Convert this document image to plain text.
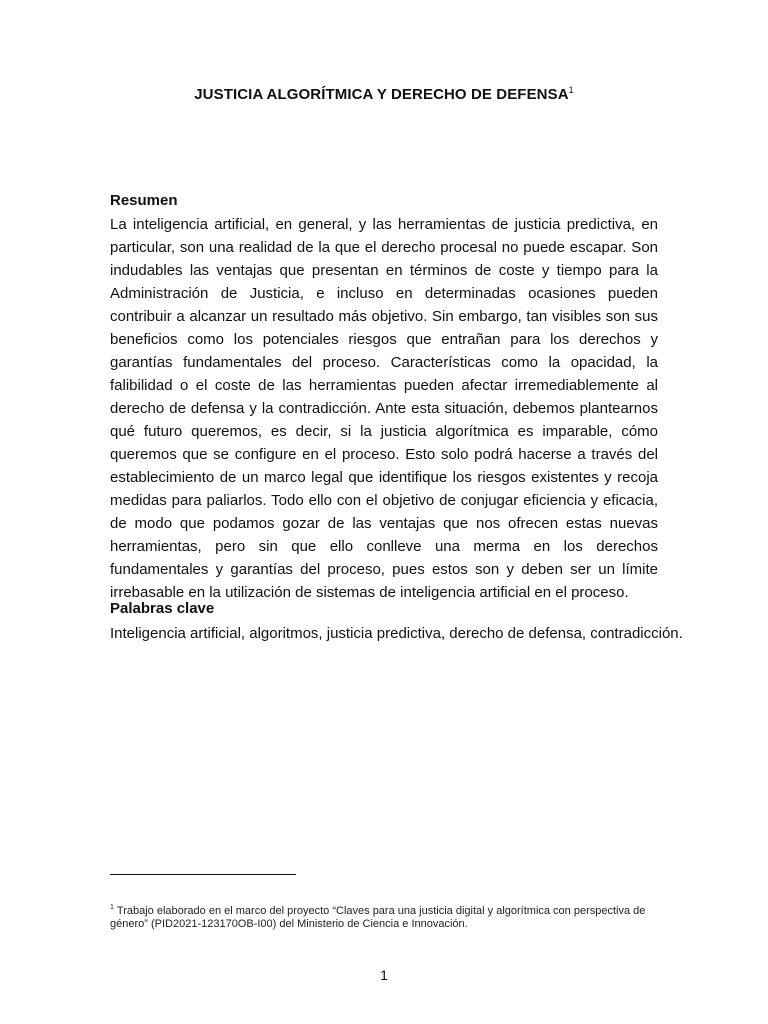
JUSTICIA ALGORÍTMICA Y DERECHO DE DEFENSA$^1$
Resumen

La inteligencia artificial, en general, y las herramientas de justicia predictiva, en particular, son una realidad de la que el derecho procesal no puede escapar. Son indudables las ventajas que presentan en términos de coste y tiempo para la Administración de Justicia, e incluso en determinadas ocasiones pueden contribuir a alcanzar un resultado más objetivo. Sin embargo, tan visibles son sus beneficios como los potenciales riesgos que entrañan para los derechos y garantías fundamentales del proceso. Características como la opacidad, la falibilidad o el coste de las herramientas pueden afectar irremediablemente al derecho de defensa y la contradicción. Ante esta situación, debemos plantearnos qué futuro queremos, es decir, si la justicia algorítmica es imparable, cómo queremos que se configure en el proceso. Esto solo podrá hacerse a través del establecimiento de un marco legal que identifique los riesgos existentes y recoja medidas para paliarlos. Todo ello con el objetivo de conjugar eficiencia y eficacia, de modo que podamos gozar de las ventajas que nos ofrecen estas nuevas herramientas, pero sin que ello conlleve una merma en los derechos fundamentales y garantías del proceso, pues estos son y deben ser un límite irrebasable en la utilización de sistemas de inteligencia artificial en el proceso.

Palabras clave

Inteligencia artificial, algoritmos, justicia predictiva, derecho de defensa, contradicción.

$^1$ Trabajo elaborado en el marco del proyecto “Claves para una justicia digital y algorítmica con perspectiva de género” (PID2021-123170OB-I00) del Ministerio de Ciencia e Innovación.

1
